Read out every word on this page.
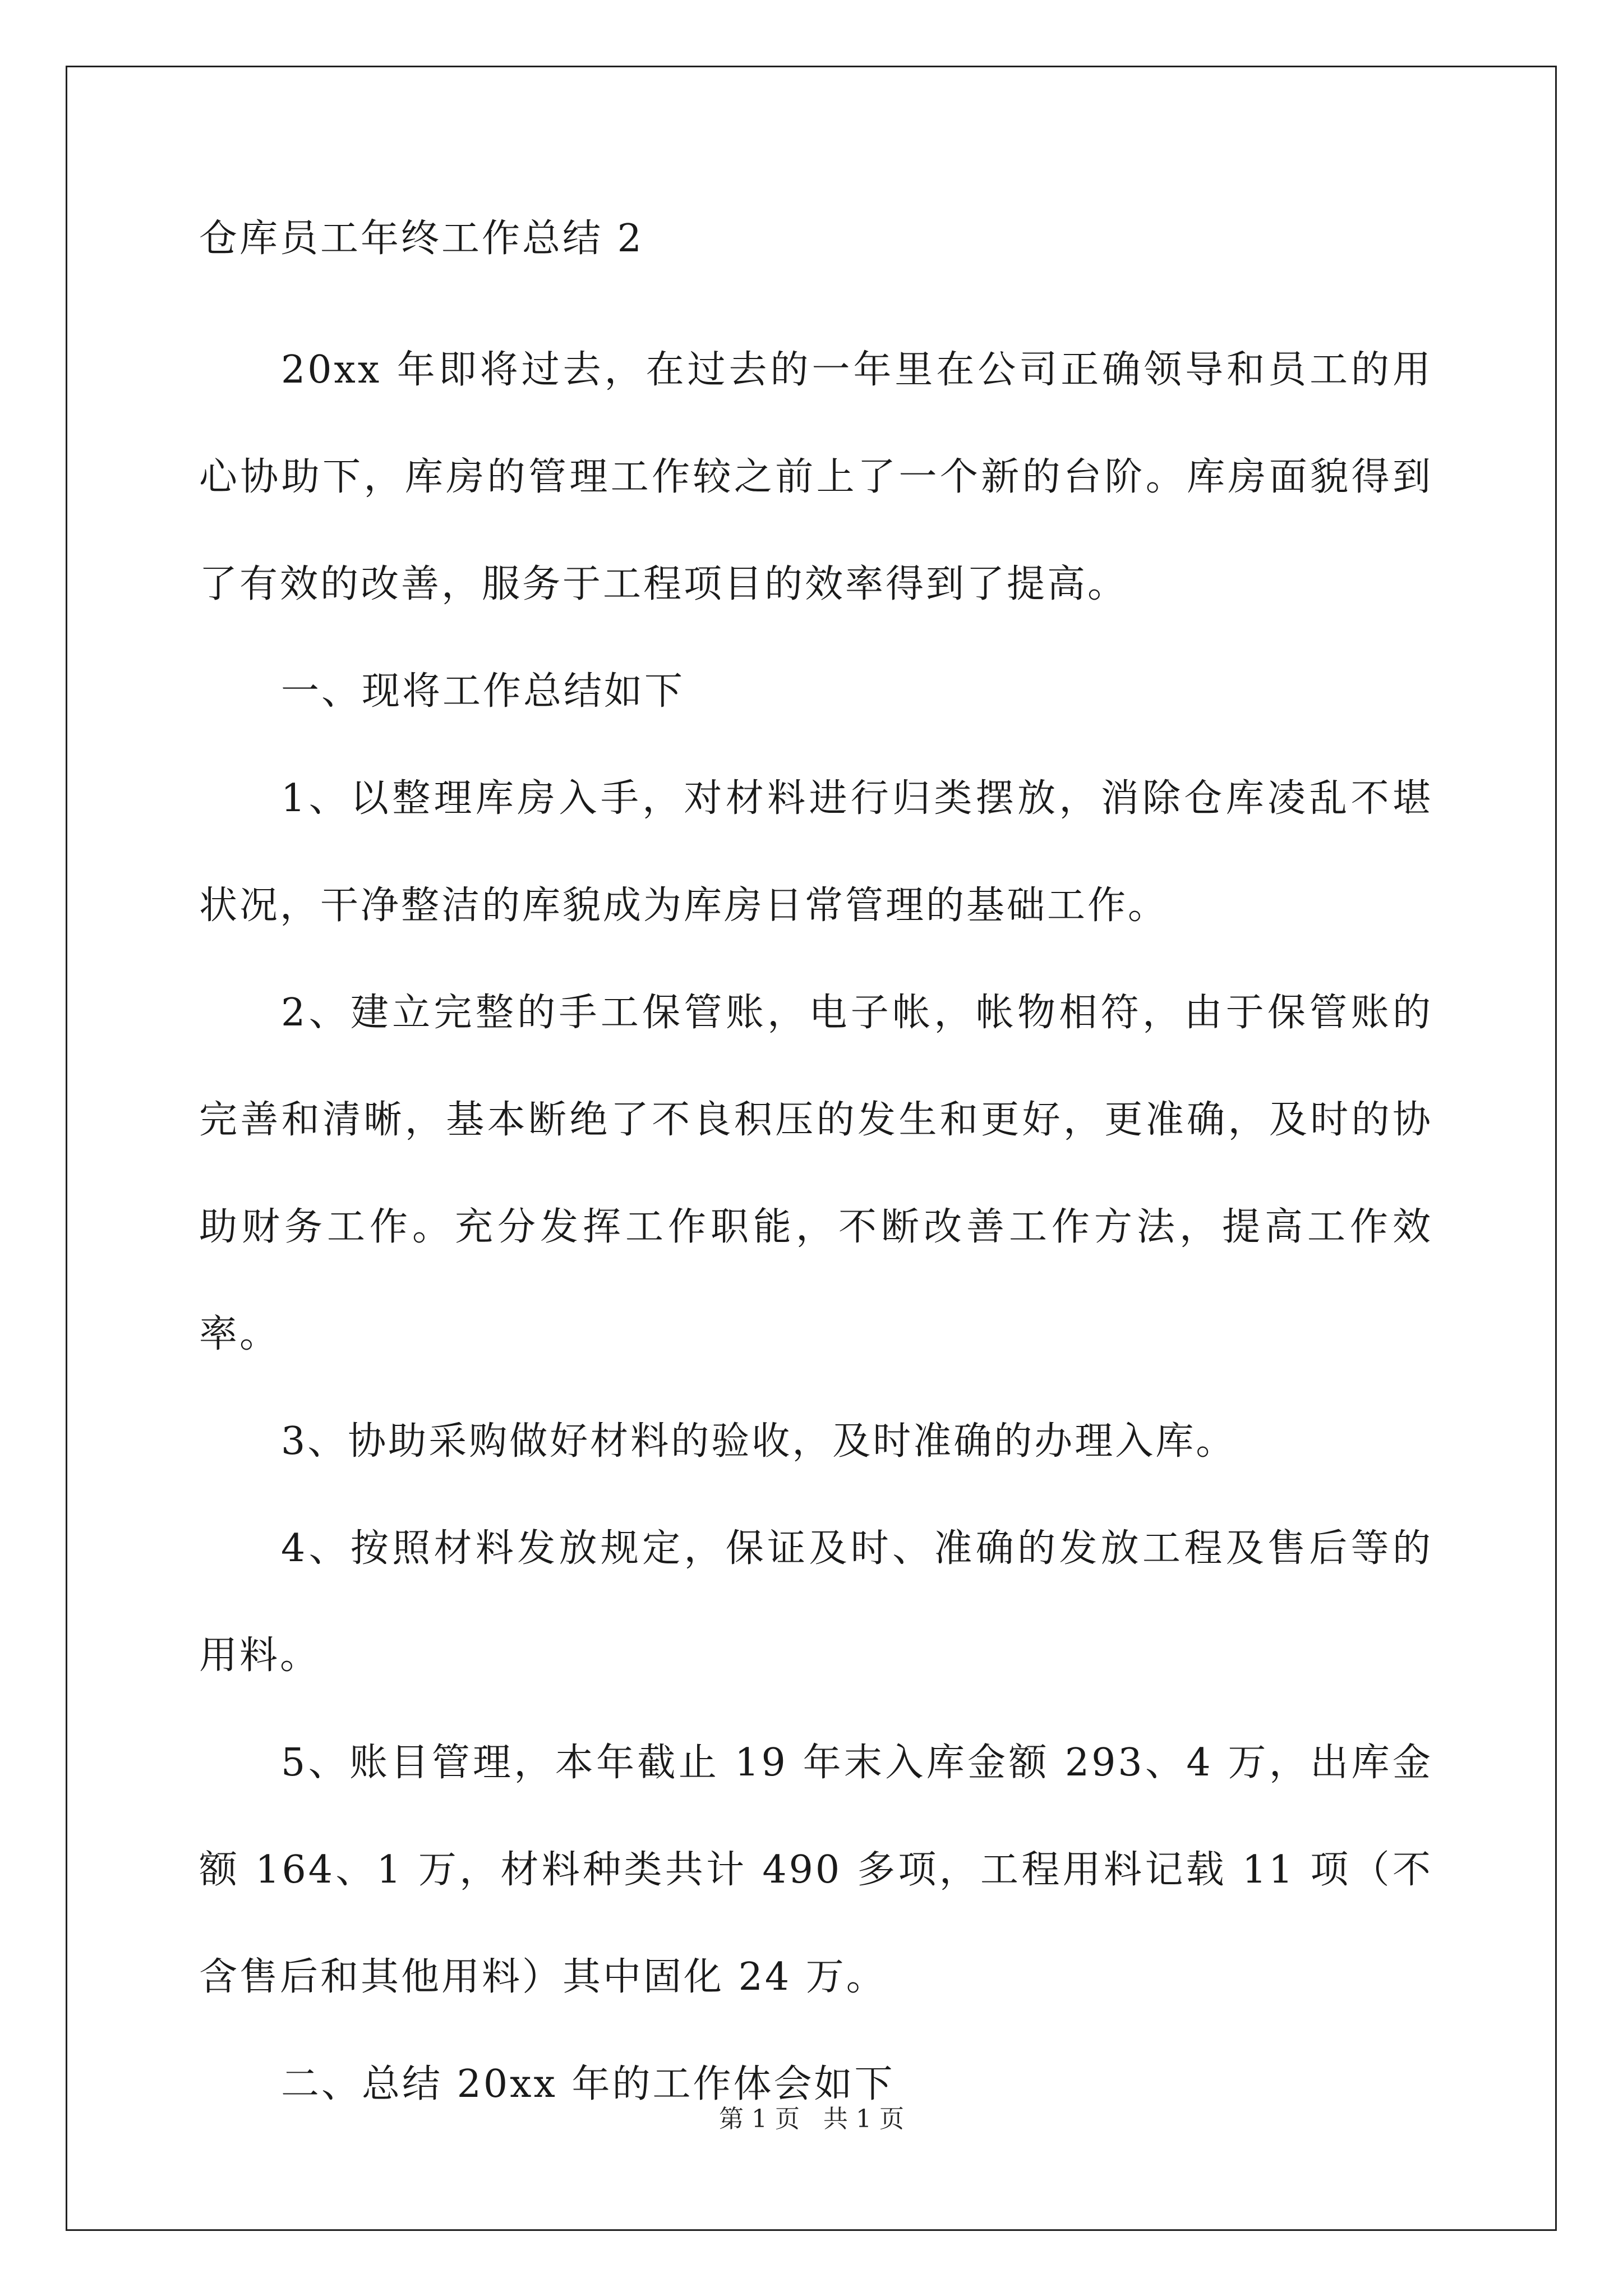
仓库员工年终工作总结 2

20xx 年即将过去，在过去的一年里在公司正确领导和员工的用心协助下，库房的管理工作较之前上了一个新的台阶。库房面貌得到了有效的改善，服务于工程项目的效率得到了提高。

一、现将工作总结如下

1、以整理库房入手，对材料进行归类摆放，消除仓库凌乱不堪状况，干净整洁的库貌成为库房日常管理的基础工作。

2、建立完整的手工保管账，电子帐，帐物相符，由于保管账的完善和清晰，基本断绝了不良积压的发生和更好，更准确，及时的协助财务工作。充分发挥工作职能，不断改善工作方法，提高工作效率。

3、协助采购做好材料的验收，及时准确的办理入库。

4、按照材料发放规定，保证及时、准确的发放工程及售后等的用料。

5、账目管理，本年截止 19 年末入库金额 293、4 万，出库金额 164、1 万，材料种类共计 490 多项，工程用料记载 11 项（不含售后和其他用料）其中固化 24 万。

二、总结 20xx 年的工作体会如下

第 1 页 共 1 页
